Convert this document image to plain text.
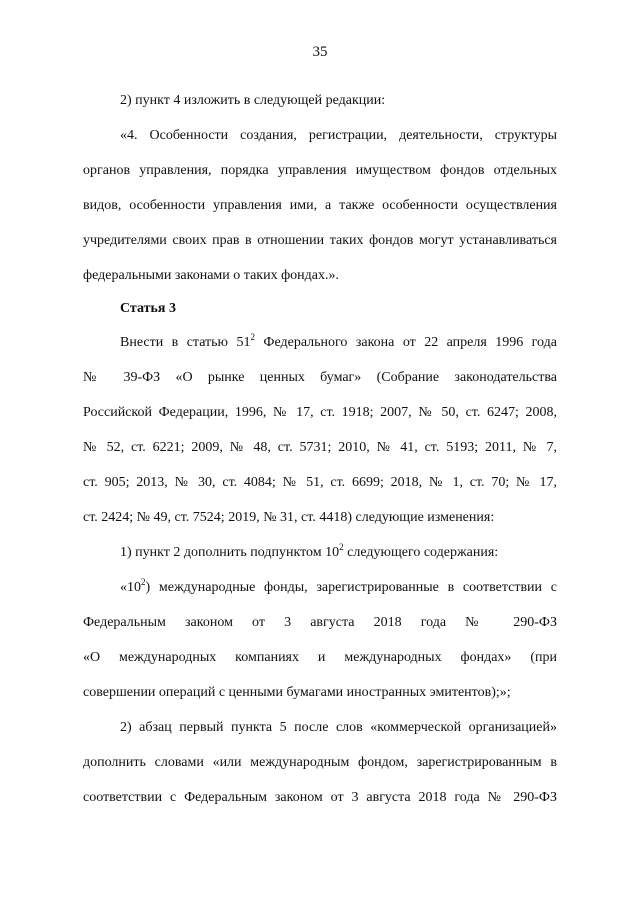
35
2) пункт 4 изложить в следующей редакции:
«4. Особенности создания, регистрации, деятельности, структуры
органов управления, порядка управления имуществом фондов отдельных
видов, особенности управления ими, а также особенности осуществления
учредителями своих прав в отношении таких фондов могут устанавливаться
федеральными законами о таких фондах.».
Статья 3
Внести в статью $51^2$ Федерального закона от 22 апреля 1996 года
№ 39-ФЗ «О рынке ценных бумаг» (Собрание законодательства
Российской Федерации, 1996, № 17, ст. 1918; 2007, № 50, ст. 6247; 2008,
№ 52, ст. 6221; 2009, № 48, ст. 5731; 2010, № 41, ст. 5193; 2011, № 7,
ст. 905; 2013, № 30, ст. 4084; № 51, ст. 6699; 2018, № 1, ст. 70; № 17,
ст. 2424; № 49, ст. 7524; 2019, № 31, ст. 4418) следующие изменения:
1) пункт 2 дополнить подпунктом $10^2$ следующего содержания:
«$10^2$) международные фонды, зарегистрированные в соответствии с
Федеральным законом от 3 августа 2018 года № 290-ФЗ
«О международных компаниях и международных фондах» (при
совершении операций с ценными бумагами иностранных эмитентов);»;
2) абзац первый пункта 5 после слов «коммерческой организацией»
дополнить словами «или международным фондом, зарегистрированным в
соответствии с Федеральным законом от 3 августа 2018 года № 290-ФЗ
